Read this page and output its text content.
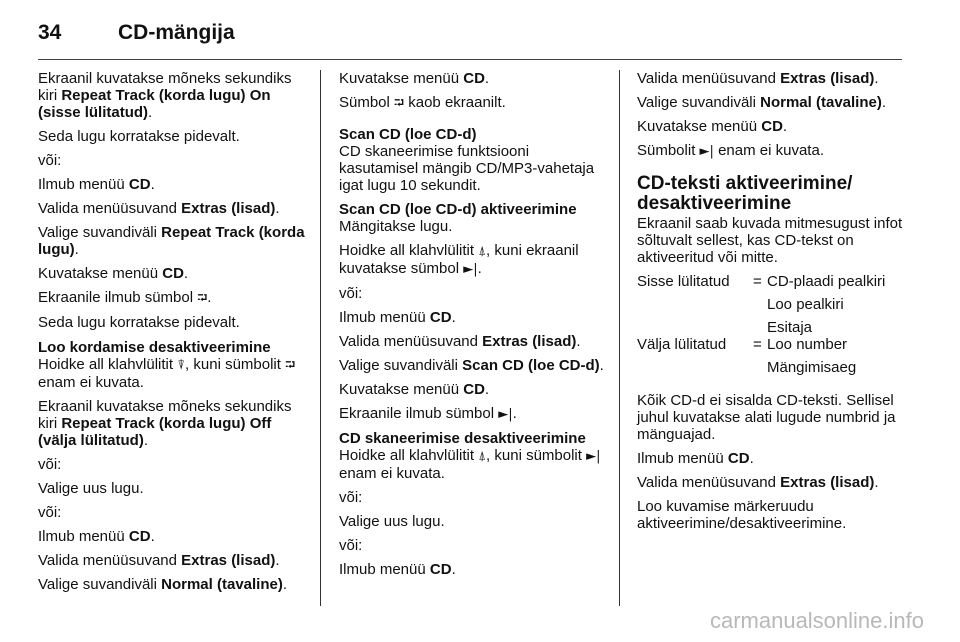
34	CD-mängija

Ekraanil kuvatakse mõneks sekundiks kiri Repeat Track (korda lugu) On (sisse lülitatud).

Seda lugu korratakse pidevalt.

või:

Ilmub menüü CD.

Valida menüüsuvand Extras (lisad).

Valige suvandiväli Repeat Track (korda lugu).

Kuvatakse menüü CD.

Ekraanile ilmub sümbol ⮒.

Seda lugu korratakse pidevalt.

Loo kordamise desaktiveerimine

Hoidke all klahvlülitit ⍒, kuni sümbolit ⮒ enam ei kuvata.

Ekraanil kuvatakse mõneks sekundiks kiri Repeat Track (korda lugu) Off (välja lülitatud).

või:

Valige uus lugu.

või:

Ilmub menüü CD.

Valida menüüsuvand Extras (lisad).

Valige suvandiväli Normal (tavaline).

Kuvatakse menüü CD.

Sümbol ⮒ kaob ekraanilt.

Scan CD (loe CD-d)

CD skaneerimise funktsiooni kasutamisel mängib CD/MP3-vahetaja igat lugu 10 sekundit.

Scan CD (loe CD-d) aktiveerimine

Mängitakse lugu.

Hoidke all klahvlülitit ⍋, kuni ekraanil kuvatakse sümbol ►|.

või:

Ilmub menüü CD.

Valida menüüsuvand Extras (lisad).

Valige suvandiväli Scan CD (loe CD-d).

Kuvatakse menüü CD.

Ekraanile ilmub sümbol ►|.

CD skaneerimise desaktiveerimine

Hoidke all klahvlülitit ⍋, kuni sümbolit ►| enam ei kuvata.

või:

Valige uus lugu.

või:

Ilmub menüü CD.

Valida menüüsuvand Extras (lisad).

Valige suvandiväli Normal (tavaline).

Kuvatakse menüü CD.

Sümbolit ►| enam ei kuvata.

CD-teksti aktiveerimine/ desaktiveerimine

Ekraanil saab kuvada mitmesugust infot sõltuvalt sellest, kas CD-tekst on aktiveeritud või mitte.

Sisse lülitatud	=	CD-plaadi pealkiri
		Loo pealkiri
		Esitaja
Välja lülitatud	=	Loo number
		Mängimisaeg

Kõik CD-d ei sisalda CD-teksti. Sellisel juhul kuvatakse alati lugude numbrid ja mänguajad.

Ilmub menüü CD.

Valida menüüsuvand Extras (lisad).

Loo kuvamise märkeruudu aktiveerimine/desaktiveerimine.

carmanualsonline.info
